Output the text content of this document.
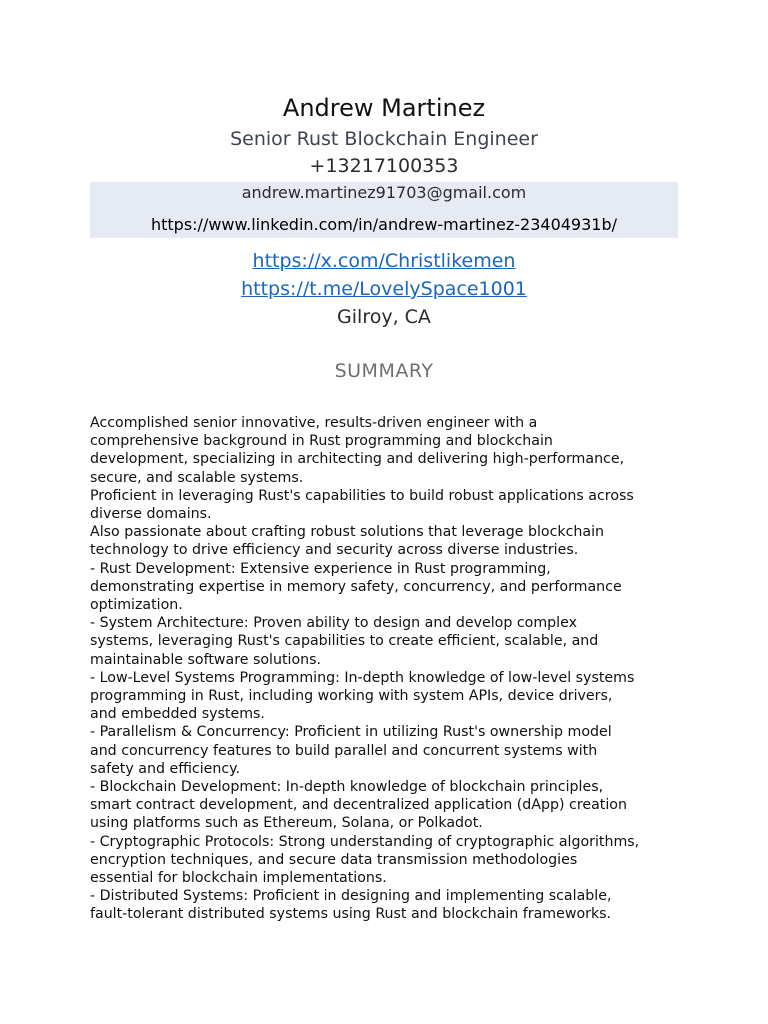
Andrew Martinez
Senior Rust Blockchain Engineer
+13217100353
andrew.martinez91703@gmail.com
https://www.linkedin.com/in/andrew-martinez-23404931b/
https://x.com/Christlikemen
https://t.me/LovelySpace1001
Gilroy, CA
SUMMARY
Accomplished senior innovative, results-driven engineer with a
comprehensive background in Rust programming and blockchain
development, specializing in architecting and delivering high-performance,
secure, and scalable systems.
Proficient in leveraging Rust's capabilities to build robust applications across
diverse domains.
Also passionate about crafting robust solutions that leverage blockchain
technology to drive efficiency and security across diverse industries.
- Rust Development: Extensive experience in Rust programming,
demonstrating expertise in memory safety, concurrency, and performance
optimization.
- System Architecture: Proven ability to design and develop complex
systems, leveraging Rust's capabilities to create efficient, scalable, and
maintainable software solutions.
- Low-Level Systems Programming: In-depth knowledge of low-level systems
programming in Rust, including working with system APIs, device drivers,
and embedded systems.
- Parallelism & Concurrency: Proficient in utilizing Rust's ownership model
and concurrency features to build parallel and concurrent systems with
safety and efficiency.
- Blockchain Development: In-depth knowledge of blockchain principles,
smart contract development, and decentralized application (dApp) creation
using platforms such as Ethereum, Solana, or Polkadot.
- Cryptographic Protocols: Strong understanding of cryptographic algorithms,
encryption techniques, and secure data transmission methodologies
essential for blockchain implementations.
- Distributed Systems: Proficient in designing and implementing scalable,
fault-tolerant distributed systems using Rust and blockchain frameworks.
